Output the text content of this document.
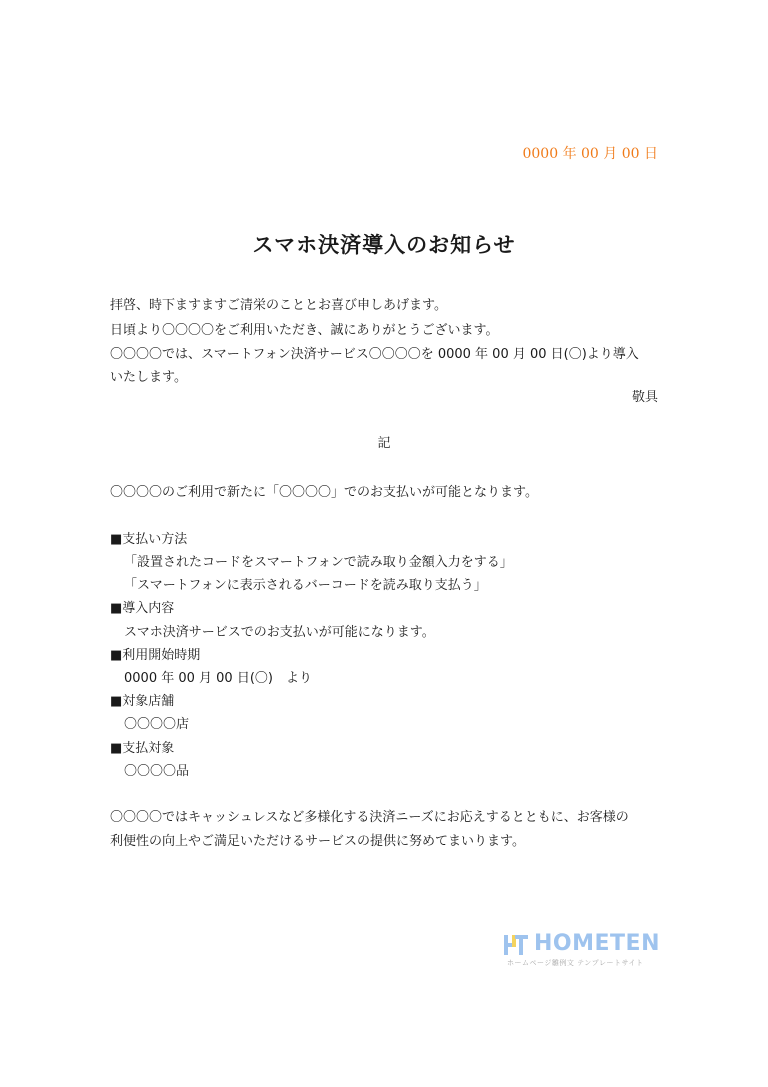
0000 年 00 月 00 日
スマホ決済導入のお知らせ
拝啓、時下ますますご清栄のこととお喜び申しあげます。
日頃より〇〇〇〇をご利用いただき、誠にありがとうございます。
〇〇〇〇では、スマートフォン決済サービス〇〇〇〇を 0000 年 00 月 00 日(〇)より導入
いたします。
敬具
記
〇〇〇〇のご利用で新たに「〇〇〇〇」でのお支払いが可能となります。
■支払い方法
「設置されたコードをスマートフォンで読み取り金額入力をする」
「スマートフォンに表示されるバーコードを読み取り支払う」
■導入内容
スマホ決済サービスでのお支払いが可能になります。
■利用開始時期
0000 年 00 月 00 日(〇)　より
■対象店舗
〇〇〇〇店
■支払対象
〇〇〇〇品
〇〇〇〇ではキャッシュレスなど多様化する決済ニーズにお応えするとともに、お客様の
利便性の向上やご満足いただけるサービスの提供に努めてまいります。
HOMETEN
ホームページ雛例文 テンプレートサイト
